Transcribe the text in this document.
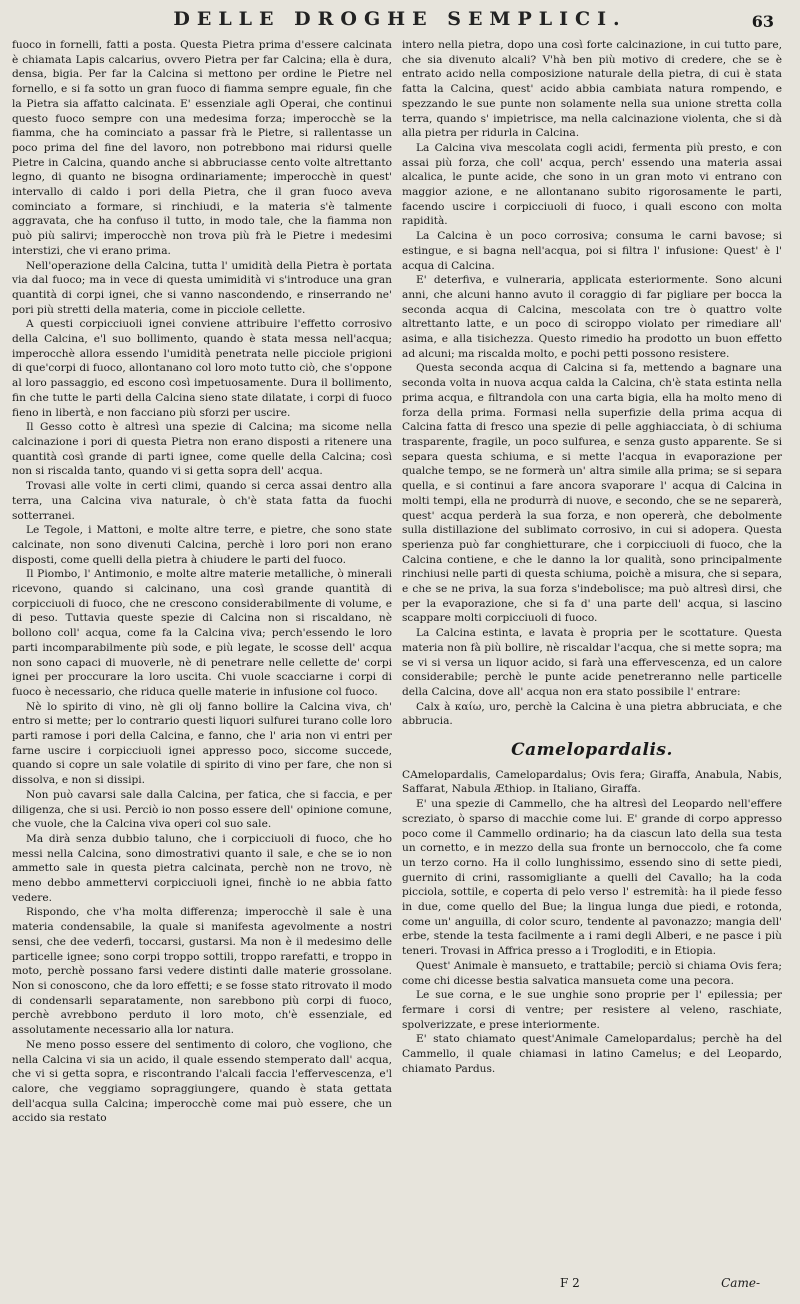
DELLE DROGHE SEMPLICI.	63

fuoco in fornelli, fatti a posta. Questa Pietra prima d'essere calcinata è chiamata Lapis calcarius, ovvero Pietra per far Calcina; ella è dura, densa, bigia. Per far la Calcina si mettono per ordine le Pietre nel fornello, e si fa sotto un gran fuoco di fiamma sempre eguale, fin che la Pietra sia affatto calcinata. E' essenziale agli Operai, che continui questo fuoco sempre con una medesima forza; imperocchè se la fiamma, che ha cominciato a passar frà le Pietre, si rallentasse un poco prima del fine del lavoro, non potrebbono mai ridursi quelle Pietre in Calcina, quando anche si abbruciasse cento volte altrettanto legno, di quanto ne bisogna ordinariamente; imperocchè in quest' intervallo di caldo i pori della Pietra, che il gran fuoco aveva cominciato a formare, si rinchiudi, e la materia s'è talmente aggravata, che ha confuso il tutto, in modo tale, che la fiamma non può più salirvi; imperocchè non trova più frà le Pietre i medesimi interstizi, che vi erano prima.

Nell'operazione della Calcina, tutta l' umidità della Pietra è portata via dal fuoco; ma in vece di questa umimidità vi s'introduce una gran quantità di corpi ignei, che si vanno nascondendo, e rinserrando ne' pori più stretti della materia, come in picciole cellette.

A questi corpicciuoli ignei conviene attribuire l'effetto corrosivo della Calcina, e'l suo bollimento, quando è stata messa nell'acqua; imperocchè allora essendo l'umidità penetrata nelle picciole prigioni di que'corpi di fuoco, allontanano col loro moto tutto ciò, che s'oppone al loro passaggio, ed escono così impetuosamente. Dura il bollimento, fin che tutte le parti della Calcina sieno state dilatate, i corpi di fuoco fieno in libertà, e non facciano più sforzi per uscire.

Il Gesso cotto è altresì una spezie di Calcina; ma sicome nella calcinazione i pori di questa Pietra non erano disposti a ritenere una quantità così grande di parti ignee, come quelle della Calcina; così non si riscalda tanto, quando vi si getta sopra dell' acqua.

Trovasi alle volte in certi climi, quando si cerca assai dentro alla terra, una Calcina viva naturale, ò ch'è stata fatta da fuochi sotterranei.

Le Tegole, i Mattoni, e molte altre terre, e pietre, che sono state calcinate, non sono divenuti Calcina, perchè i loro pori non erano disposti, come quelli della pietra à chiudere le parti del fuoco.

Il Piombo, l' Antimonio, e molte altre materie metalliche, ò minerali ricevono, quando si calcinano, una così grande quantità di corpicciuoli di fuoco, che ne crescono considerabilmente di volume, e di peso. Tuttavia queste spezie di Calcina non si riscaldano, nè bollono coll' acqua, come fa la Calcina viva; perch'essendo le loro parti incomparabilmente più sode, e più legate, le scosse dell' acqua non sono capaci di muoverle, nè di penetrare nelle cellette de' corpi ignei per proccurare la loro uscita. Chi vuole scacciarne i corpi di fuoco è necessario, che riduca quelle materie in infusione col fuoco.

Nè lo spirito di vino, nè gli olj fanno bollire la Calcina viva, ch' entro si mette; per lo contrario questi liquori sulfurei turano colle loro parti ramose i pori della Calcina, e fanno, che l' aria non vi entri per farne uscire i corpicciuoli ignei appresso poco, siccome succede, quando si copre un sale volatile di spirito di vino per fare, che non si dissolva, e non si dissipi.

Non può cavarsi sale dalla Calcina, per fatica, che si faccia, e per diligenza, che si usi. Perciò io non posso essere dell' opinione comune, che vuole, che la Calcina viva operi col suo sale.

Ma dirà senza dubbio taluno, che i corpicciuoli di fuoco, che ho messi nella Calcina, sono dimostrativi quanto il sale, e che se io non ammetto sale in questa pietra calcinata, perchè non ne trovo, nè meno debbo ammettervi corpicciuoli ignei, finchè io ne abbia fatto vedere.

Rispondo, che v'ha molta differenza; imperocchè il sale è una materia condensabile, la quale si manifesta agevolmente a nostri sensi, che dee vederfi, toccarsi, gustarsi. Ma non è il medesimo delle particelle ignee; sono corpi troppo sottili, troppo rarefatti, e troppo in moto, perchè possano farsi vedere distinti dalle materie grossolane. Non si conoscono, che da loro effetti; e se fosse stato ritrovato il modo di condensarli separatamente, non sarebbono più corpi di fuoco, perchè avrebbono perduto il loro moto, ch'è essenziale, ed assolutamente necessario alla lor natura.

Ne meno posso essere del sentimento di coloro, che vogliono, che nella Calcina vi sia un acido, il quale essendo stemperato dall' acqua, che vi si getta sopra, e riscontrando l'alcali faccia l'effervescenza, e'l calore, che veggiamo sopraggiungere, quando è stata gettata dell'acqua sulla Calcina; imperocchè come mai può essere, che un accido sia restato

intero nella pietra, dopo una così forte calcinazione, in cui tutto pare, che sia divenuto alcali? V'hà ben più motivo di credere, che se è entrato acido nella composizione naturale della pietra, di cui è stata fatta la Calcina, quest' acido abbia cambiata natura rompendo, e spezzando le sue punte non solamente nella sua unione stretta colla terra, quando s' impietrisce, ma nella calcinazione violenta, che si dà alla pietra per ridurla in Calcina.

La Calcina viva mescolata cogli acidi, fermenta più presto, e con assai più forza, che coll' acqua, perch' essendo una materia assai alcalica, le punte acide, che sono in un gran moto vi entrano con maggior azione, e ne allontanano subito rigorosamente le parti, facendo uscire i corpicciuoli di fuoco, i quali escono con molta rapidità.

La Calcina è un poco corrosiva; consuma le carni bavose; si estingue, e si bagna nell'acqua, poi si filtra l' infusione: Quest' è l' acqua di Calcina.

E' deterfiva, e vulneraria, applicata esteriormente. Sono alcuni anni, che alcuni hanno avuto il coraggio di far pigliare per bocca la seconda acqua di Calcina, mescolata con tre ò quattro volte altrettanto latte, e un poco di sciroppo violato per rimediare all' asima, e alla tisichezza. Questo rimedio ha prodotto un buon effetto ad alcuni; ma riscalda molto, e pochi petti possono resistere.

Questa seconda acqua di Calcina si fa, mettendo a bagnare una seconda volta in nuova acqua calda la Calcina, ch'è stata estinta nella prima acqua, e filtrandola con una carta bigia, ella ha molto meno di forza della prima. Formasi nella superfizie della prima acqua di Calcina fatta di fresco una spezie di pelle agghiacciata, ò di schiuma trasparente, fragile, un poco sulfurea, e senza gusto apparente. Se si separa questa schiuma, e si mette l'acqua in evaporazione per qualche tempo, se ne formerà un' altra simile alla prima; se si separa quella, e si continui a fare ancora svaporare l' acqua di Calcina in molti tempi, ella ne produrrà di nuove, e secondo, che se ne separerà, quest' acqua perderà la sua forza, e non opererà, che debolmente sulla distillazione del sublimato corrosivo, in cui si adopera. Questa sperienza può far conghietturare, che i corpicciuoli di fuoco, che la Calcina contiene, e che le danno la lor qualità, sono principalmente rinchiusi nelle parti di questa schiuma, poichè a misura, che si separa, e che se ne priva, la sua forza s'indebolisce; ma può altresì dirsi, che per la evaporazione, che si fa d' una parte dell' acqua, si lascino scappare molti corpicciuoli di fuoco.

La Calcina estinta, e lavata è propria per le scottature. Questa materia non fà più bollire, nè riscaldar l'acqua, che si mette sopra; ma se vi si versa un liquor acido, si farà una effervescenza, ed un calore considerabile; perchè le punte acide penetreranno nelle particelle della Calcina, dove all' acqua non era stato possibile l' entrare:

Calx à καίω, uro, perchè la Calcina è una pietra abbruciata, e che abbrucia.

Camelopardalis.

CAmelopardalis, Camelopardalus; Ovis fera; Giraffa, Anabula, Nabis, Saffarat, Nabula Æthiop. in Italiano, Giraffa.

E' una spezie di Cammello, che ha altresì del Leopardo nell'effere screziato, ò sparso di macchie come lui. E' grande di corpo appresso poco come il Cammello ordinario; ha da ciascun lato della sua testa un cornetto, e in mezzo della sua fronte un bernoccolo, che fa come un terzo corno. Ha il collo lunghissimo, essendo sino di sette piedi, guernito di crini, rassomigliante a quelli del Cavallo; ha la coda picciola, sottile, e coperta di pelo verso l' estremità: ha il piede fesso in due, come quello del Bue; la lingua lunga due piedi, e rotonda, come un' anguilla, di color scuro, tendente al pavonazzo; mangia dell' erbe, stende la testa facilmente a i rami degli Alberi, e ne pasce i più teneri. Trovasi in Affrica presso a i Trogloditi, e in Etiopia.

Quest' Animale è mansueto, e trattabile; perciò si chiama Ovis fera; come chi dicesse bestia salvatica mansueta come una pecora.

Le sue corna, e le sue unghie sono proprie per l' epilessia; per fermare i corsi di ventre; per resistere al veleno, raschiate, spolverizzate, e prese interiormente.

E' stato chiamato quest'Animale Camelopardalus; perchè ha del Cammello, il quale chiamasi in latino Camelus; e del Leopardo, chiamato Pardus.

F 2	Came-
